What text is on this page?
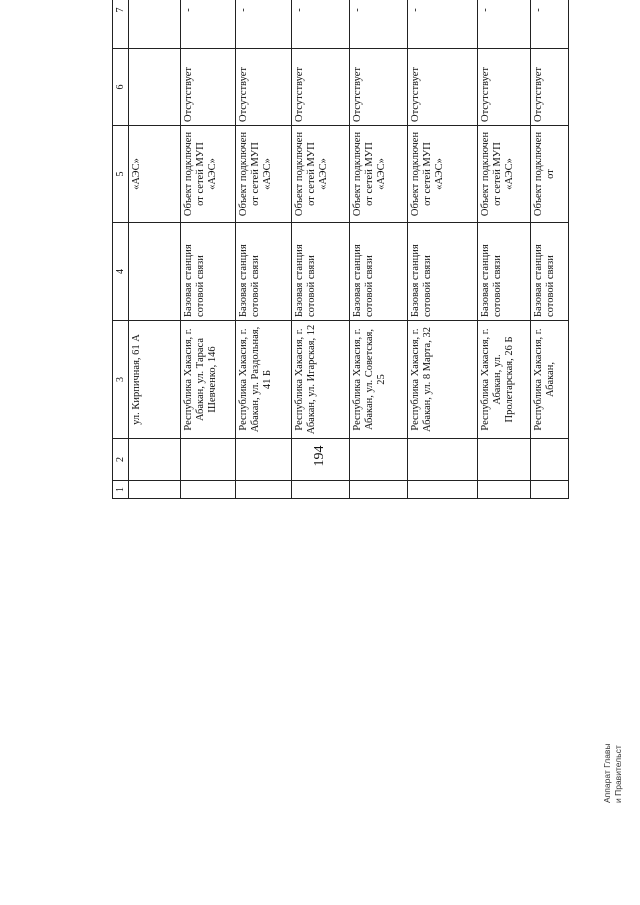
194
1	2	3	4	5	6	7	
		ул. Кирпичная, 61 А		«АЭС»			
		Республика Хакасия, г. Абакан, ул. Тараса Шевченко, 146	Базовая станция сотовой связи	Объект подключен от сетей МУП «АЭС»	Отсутствует	-	
		Республика Хакасия, г. Абакан, ул. Раздольная, 41 Б	Базовая станция сотовой связи	Объект подключен от сетей МУП «АЭС»	Отсутствует	-	
		Республика Хакасия, г. Абакан, ул. Игарская, 12	Базовая станция сотовой связи	Объект подключен от сетей МУП «АЭС»	Отсутствует	-	
		Республика Хакасия, г. Абакан, ул. Советская, 25	Базовая станция сотовой связи	Объект подключен от сетей МУП «АЭС»	Отсутствует	-	
		Республика Хакасия, г. Абакан, ул. 8 Марта, 32	Базовая станция сотовой связи	Объект подключен от сетей МУП «АЭС»	Отсутствует	-	
		Республика Хакасия, г. Абакан, ул. Пролетарская, 26 Б	Базовая станция сотовой связи	Объект подключен от сетей МУП «АЭС»	Отсутствует	-	
		Республика Хакасия, г. Абакан,	Базовая станция сотовой связи	Объект подключен от	Отсутствует	-	
Аппарат Главы и Правительст
